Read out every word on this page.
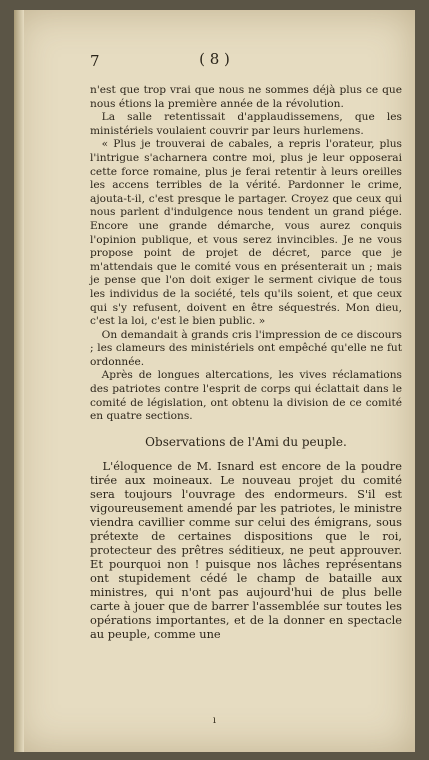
7	( 8 )

n'est que trop vrai que nous ne sommes déjà plus ce que nous étions la première année de la révolution.

La salle retentissait d'applaudissemens, que les ministériels voulaient couvrir par leurs hurlemens.

« Plus je trouverai de cabales, a repris l'orateur, plus l'intrigue s'acharnera contre moi, plus je leur opposerai cette force romaine, plus je ferai retentir à leurs oreilles les accens terribles de la vérité. Pardonner le crime, ajouta-t-il, c'est presque le partager. Croyez que ceux qui nous parlent d'indulgence nous tendent un grand piége. Encore une grande démarche, vous aurez conquis l'opinion publique, et vous serez invincibles. Je ne vous propose point de projet de décret, parce que je m'attendais que le comité vous en présenterait un ; mais je pense que l'on doit exiger le serment civique de tous les individus de la société, tels qu'ils soient, et que ceux qui s'y refusent, doivent en être séquestrés. Mon dieu, c'est la loi, c'est le bien public. »

On demandait à grands cris l'impression de ce discours ; les clameurs des ministériels ont empêché qu'elle ne fut ordonnée.

Après de longues altercations, les vives réclamations des patriotes contre l'esprit de corps qui éclattait dans le comité de législation, ont obtenu la division de ce comité en quatre sections.

Observations de l'Ami du peuple.

L'éloquence de M. Isnard est encore de la poudre tirée aux moineaux. Le nouveau projet du comité sera toujours l'ouvrage des endormeurs. S'il est vigoureusement amendé par les patriotes, le ministre viendra cavillier comme sur celui des émigrans, sous prétexte de certaines dispositions que le roi, protecteur des prêtres séditieux, ne peut approuver. Et pourquoi non ! puisque nos lâches représentans ont stupidement cédé le champ de bataille aux ministres, qui n'ont pas aujourd'hui de plus belle carte à jouer que de barrer l'assemblée sur toutes les opérations importantes, et de la donner en spectacle au peuple, comme une

ı
